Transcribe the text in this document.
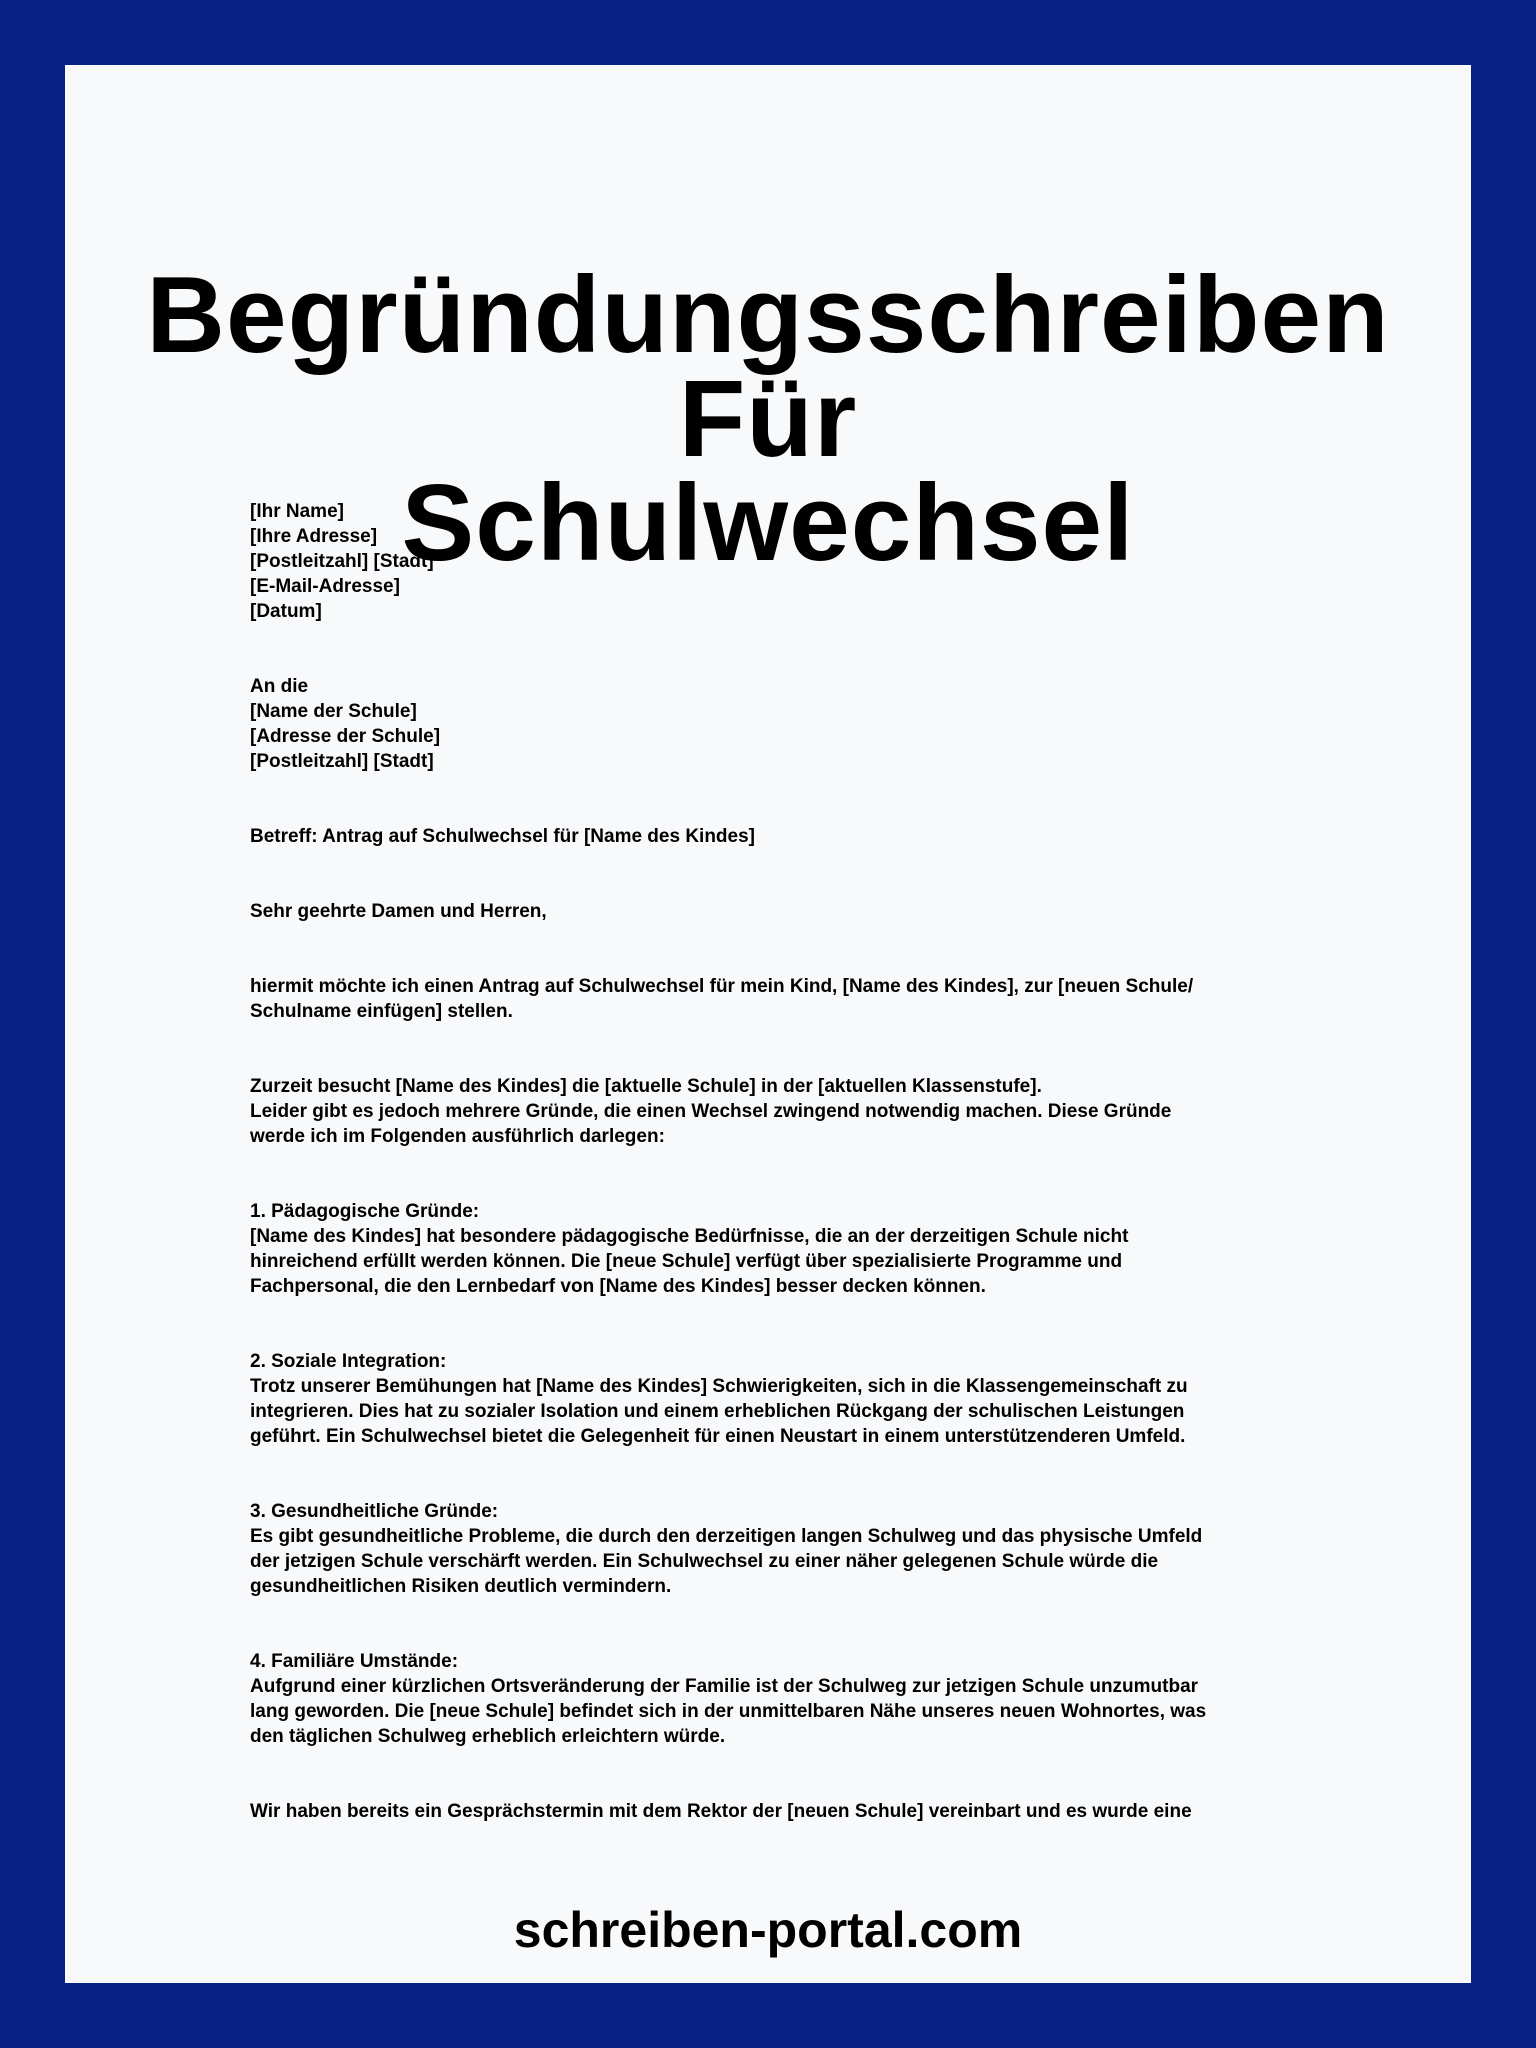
Begründungsschreiben Für
Schulwechsel
[Ihr Name]
[Ihre Adresse]
[Postleitzahl] [Stadt]
[E-Mail-Adresse]
[Datum]
An die
[Name der Schule]
[Adresse der Schule]
[Postleitzahl] [Stadt]
Betreff: Antrag auf Schulwechsel für [Name des Kindes]
Sehr geehrte Damen und Herren,
hiermit möchte ich einen Antrag auf Schulwechsel für mein Kind, [Name des Kindes], zur [neuen Schule/
Schulname einfügen] stellen.
Zurzeit besucht [Name des Kindes] die [aktuelle Schule] in der [aktuellen Klassenstufe].
Leider gibt es jedoch mehrere Gründe, die einen Wechsel zwingend notwendig machen. Diese Gründe
werde ich im Folgenden ausführlich darlegen:
1. Pädagogische Gründe:
[Name des Kindes] hat besondere pädagogische Bedürfnisse, die an der derzeitigen Schule nicht
hinreichend erfüllt werden können. Die [neue Schule] verfügt über spezialisierte Programme und
Fachpersonal, die den Lernbedarf von [Name des Kindes] besser decken können.
2. Soziale Integration:
Trotz unserer Bemühungen hat [Name des Kindes] Schwierigkeiten, sich in die Klassengemeinschaft zu
integrieren. Dies hat zu sozialer Isolation und einem erheblichen Rückgang der schulischen Leistungen
geführt. Ein Schulwechsel bietet die Gelegenheit für einen Neustart in einem unterstützenderen Umfeld.
3. Gesundheitliche Gründe:
Es gibt gesundheitliche Probleme, die durch den derzeitigen langen Schulweg und das physische Umfeld
der jetzigen Schule verschärft werden. Ein Schulwechsel zu einer näher gelegenen Schule würde die
gesundheitlichen Risiken deutlich vermindern.
4. Familiäre Umstände:
Aufgrund einer kürzlichen Ortsveränderung der Familie ist der Schulweg zur jetzigen Schule unzumutbar
lang geworden. Die [neue Schule] befindet sich in der unmittelbaren Nähe unseres neuen Wohnortes, was
den täglichen Schulweg erheblich erleichtern würde.
Wir haben bereits ein Gesprächstermin mit dem Rektor der [neuen Schule] vereinbart und es wurde eine
schreiben-portal.com
